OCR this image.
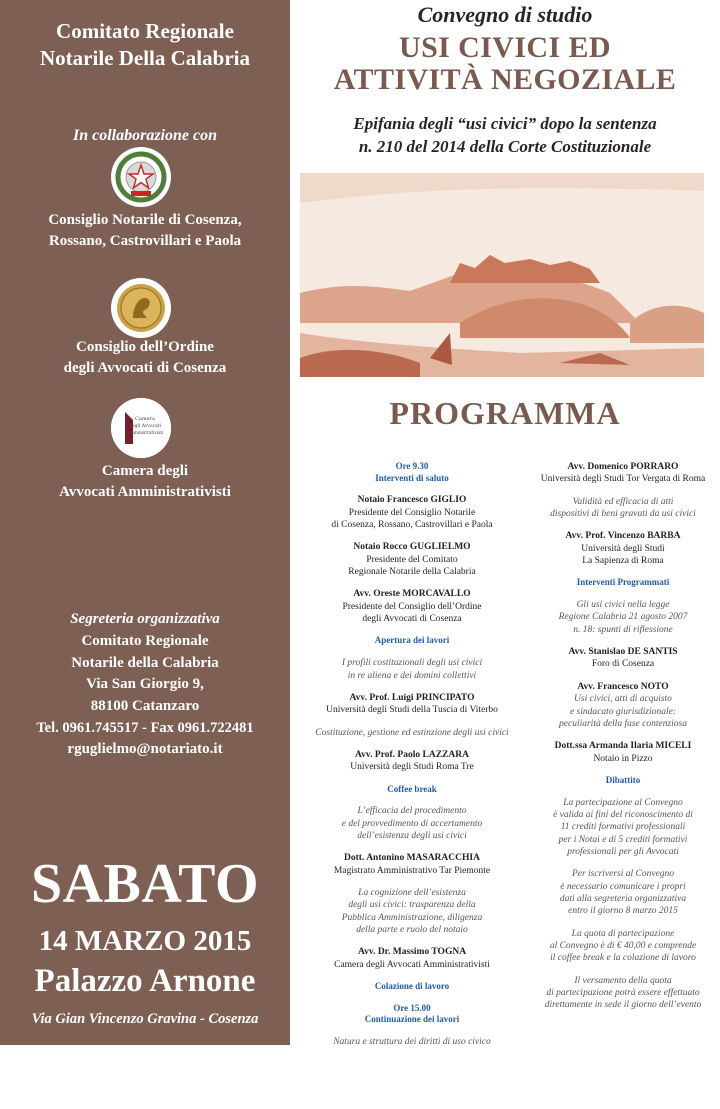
Comitato Regionale
Notarile Della Calabria
In collaborazione con
Consiglio Notarile di Cosenza,
Rossano, Castrovillari e Paola
Consiglio dell’Ordine
degli Avvocati di Cosenza
Camera
degli Avvocati
Amministrativisti
Camera degli
Avvocati Amministrativisti
Segreteria organizzativa
Comitato Regionale
Notarile della Calabria
Via San Giorgio 9,
88100 Catanzaro
Tel. 0961.745517 - Fax 0961.722481
rguglielmo@notariato.it
SABATO
14 MARZO 2015
Palazzo Arnone
Via Gian Vincenzo Gravina - Cosenza
Convegno di studio
USI CIVICI ED
ATTIVITÀ NEGOZIALE
Epifania degli “usi civici” dopo la sentenza
n. 210 del 2014 della Corte Costituzionale
PROGRAMMA
Ore 9.30
Interventi di saluto
Notaio Francesco GIGLIO
Presidente del Consiglio Notarile
di Cosenza, Rossano, Castrovillari e Paola
Notaio Rocco GUGLIELMO
Presidente del Comitato
Regionale Notarile della Calabria
Avv. Oreste MORCAVALLO
Presidente del Consiglio dell’Ordine
degli Avvocati di Cosenza
Apertura dei lavori
I profili costituzionali degli usi civici
in re aliena e dei domini collettivi
Avv. Prof. Luigi PRINCIPATO
Università degli Studi della Tuscia di Viterbo
Costituzione, gestione ed estinzione degli usi civici
Avv. Prof. Paolo LAZZARA
Università degli Studi Roma Tre
Coffee break
L’efficacia del procedimento
e del provvedimento di accertamento
dell’esistenza degli usi civici
Dott. Antonino MASARACCHIA
Magistrato Amministrativo Tar Piemonte
La cognizione dell’esistenza
degli usi civici: trasparenza della
Pubblica Amministrazione, diligenza
della parte e ruolo del notaio
Avv. Dr. Massimo TOGNA
Camera degli Avvocati Amministrativisti
Colazione di lavoro
Ore 15.00
Continuazione dei lavori
Natura e struttura dei diritti di uso civico
Avv. Domenico PORRARO
Università degli Studi Tor Vergata di Roma
Validità ed efficacia di atti
dispositivi di beni gravati da usi civici
Avv. Prof. Vincenzo BARBA
Università degli Studi
La Sapienza di Roma
Interventi Programmati
Gli usi civici nella legge
Regione Calabria 21 agosto 2007
n. 18: spunti di riflessione
Avv. Stanislao DE SANTIS
Foro di Cosenza
Avv. Francesco NOTO
Usi civici, atti di acquisto
e sindacato giurisdizionale:
peculiarità della fase contenziosa
Dott.ssa Armanda Ilaria MICELI
Notaio in Pizzo
Dibattito
La partecipazione al Convegno
è valida ai fini del riconoscimento di
11 crediti formativi professionali
per i Notai e di 5 crediti formativi
professionali per gli Avvocati
Per iscriversi al Convegno
è necessario comunicare i propri
dati alla segreteria organizzativa
entro il giorno 8 marzo 2015
La quota di partecipazione
al Convegno è di € 40,00 e comprende
il coffee break e la colazione di lavoro
Il versamento della quota
di partecipazione potrà essere effettuato
direttamente in sede il giorno dell’evento
